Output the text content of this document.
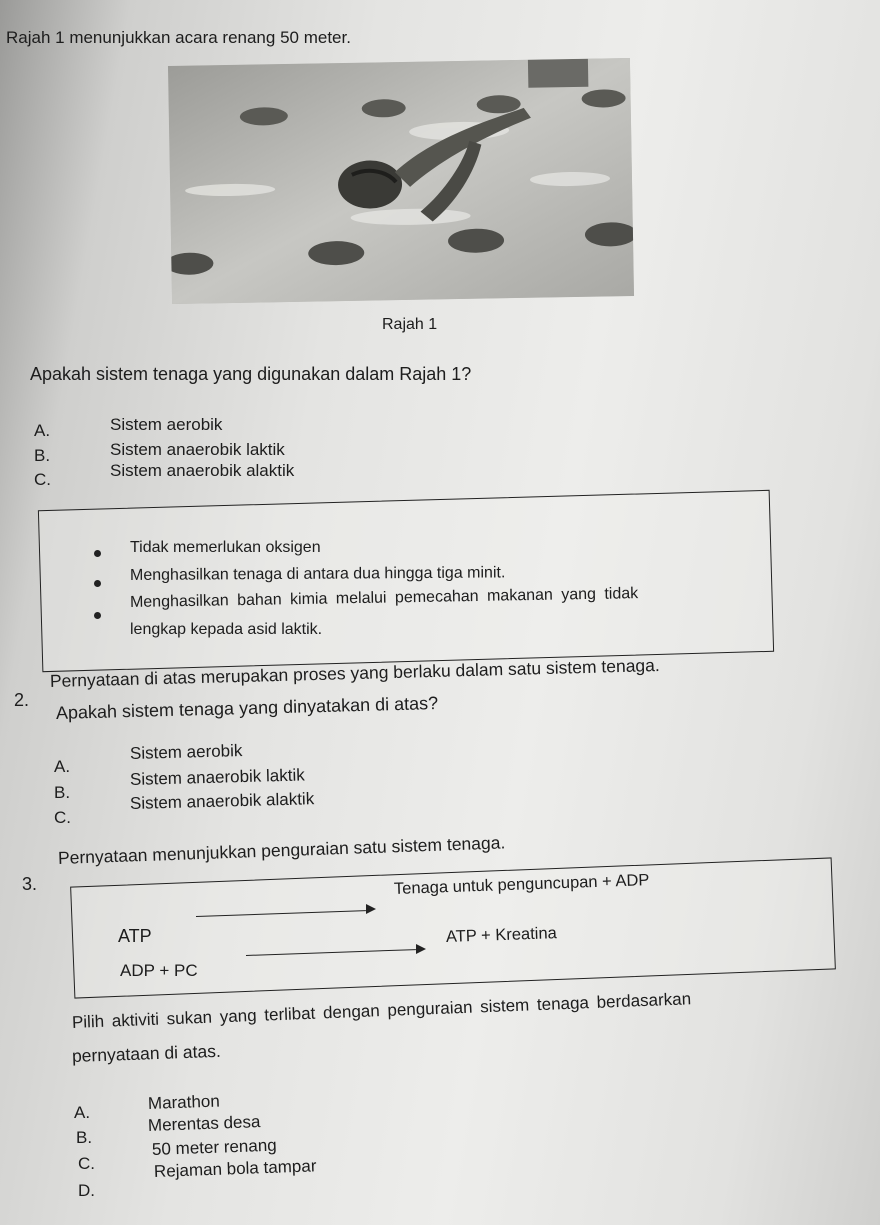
Rajah 1 menunjukkan acara renang 50 meter.
Rajah 1
Apakah sistem tenaga yang digunakan dalam Rajah 1?
A.	Sistem aerobik
B.	Sistem anaerobik laktik
C.	Sistem anaerobik alaktik
Tidak memerlukan oksigen
Menghasilkan tenaga di antara dua hingga tiga minit.
Menghasilkan bahan kimia melalui pemecahan makanan yang tidak
lengkap kepada asid laktik.
2.
Pernyataan di atas merupakan proses yang berlaku dalam satu sistem tenaga.
Apakah sistem tenaga yang dinyatakan di atas?
A.
Sistem aerobik
B.
Sistem anaerobik laktik
C.
Sistem anaerobik alaktik
3.
Pernyataan menunjukkan penguraian satu sistem tenaga.
ATP
Tenaga untuk penguncupan + ADP
ADP + PC
ATP + Kreatina
Pilih aktiviti sukan yang terlibat dengan penguraian sistem tenaga berdasarkan
pernyataan di atas.
A.	Marathon
B.
Merentas desa
C.
50 meter renang
D.
Rejaman bola tampar
